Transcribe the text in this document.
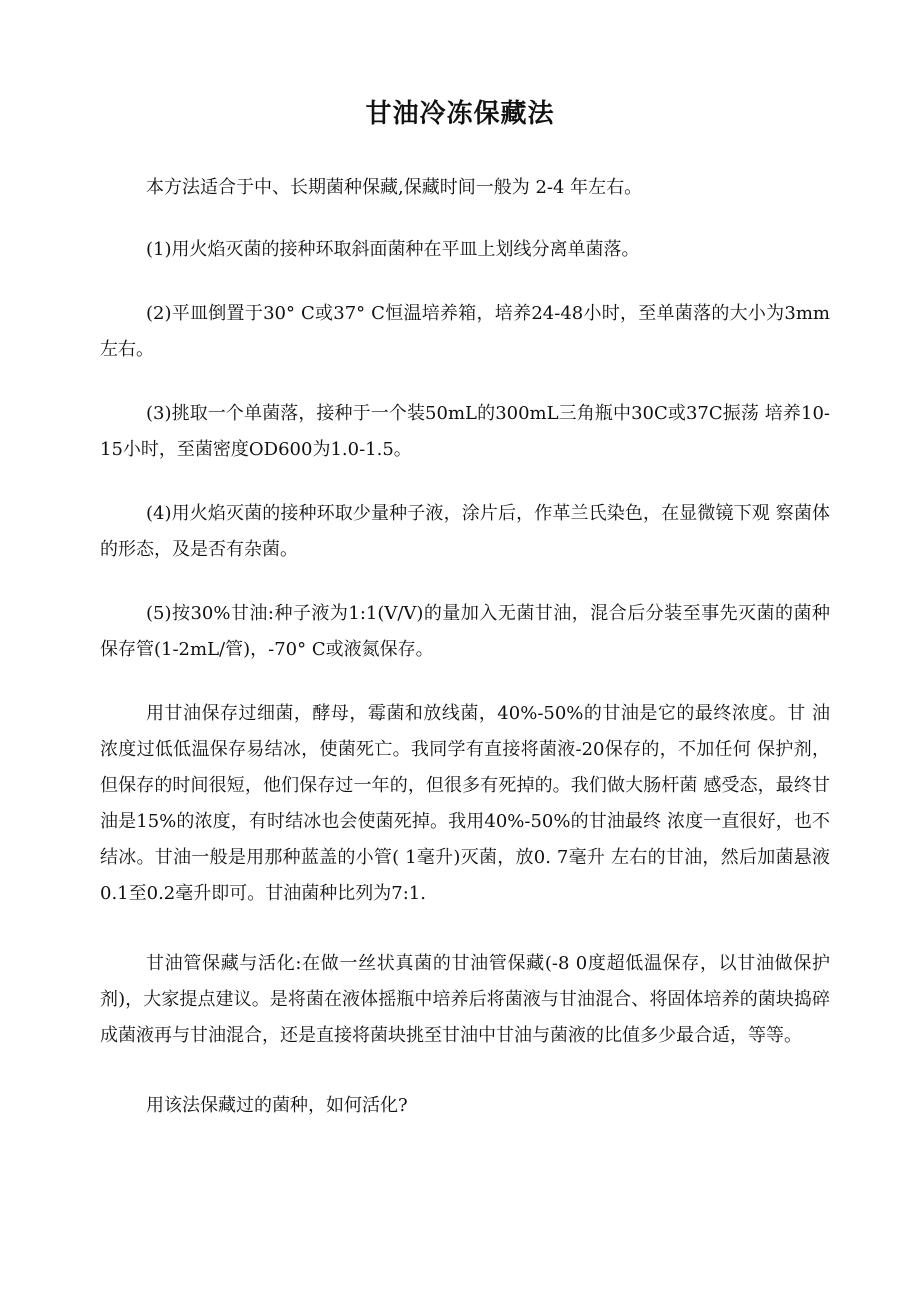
甘油冷冻保藏法

本方法适合于中、长期菌种保藏,保藏时间一般为 2-4 年左右。

(1)用火焰灭菌的接种环取斜面菌种在平皿上划线分离单菌落。

(2)平皿倒置于30° C或37° C恒温培养箱，培养24-48小时，至单菌落的大小为3mm 左右。

(3)挑取一个单菌落，接种于一个装50mL的300mL三角瓶中30C或37C振荡 培养10-15小时，至菌密度OD600为1.0-1.5。

(4)用火焰灭菌的接种环取少量种子液，涂片后，作革兰氏染色，在显微镜下观 察菌体的形态，及是否有杂菌。

(5)按30%甘油:种子液为1:1(V/V)的量加入无菌甘油，混合后分装至事先灭菌的菌种保存管(1-2mL/管)，-70° C或液氮保存。

用甘油保存过细菌，酵母，霉菌和放线菌，40%-50%的甘油是它的最终浓度。甘 油浓度过低低温保存易结冰，使菌死亡。我同学有直接将菌液-20保存的，不加任何 保护剂，但保存的时间很短，他们保存过一年的，但很多有死掉的。我们做大肠杆菌 感受态，最终甘油是15%的浓度，有时结冰也会使菌死掉。我用40%-50%的甘油最终 浓度一直很好，也不结冰。甘油一般是用那种蓝盖的小管( 1毫升)灭菌，放0. 7毫升 左右的甘油，然后加菌悬液0.1至0.2毫升即可。甘油菌种比列为7:1.

甘油管保藏与活化:在做一丝状真菌的甘油管保藏(-8 0度超低温保存，以甘油做保护剂)，大家提点建议。是将菌在液体摇瓶中培养后将菌液与甘油混合、将固体培养的菌块捣碎成菌液再与甘油混合，还是直接将菌块挑至甘油中甘油与菌液的比值多少最合适，等等。

用该法保藏过的菌种，如何活化?
